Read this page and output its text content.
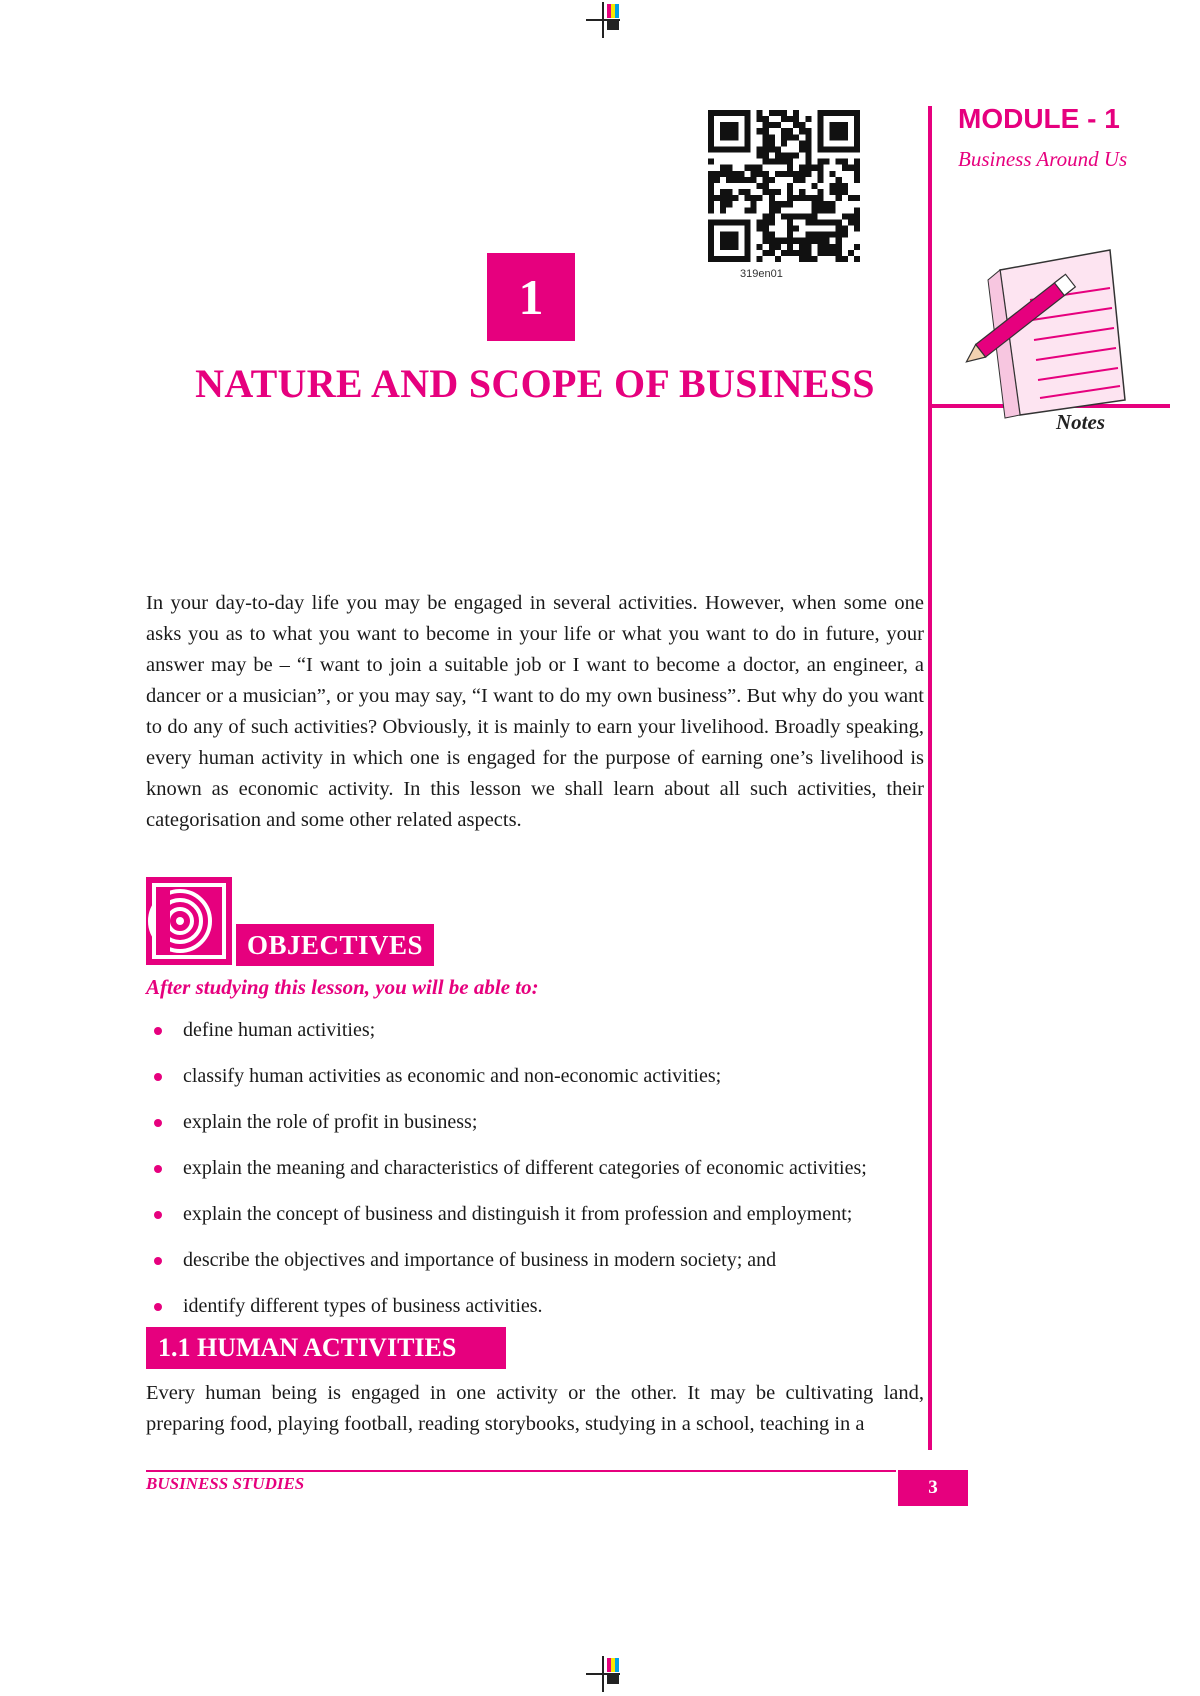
319en01
1
NATURE AND SCOPE OF BUSINESS
MODULE - 1
Business Around Us
Notes

In your day-to-day life you may be engaged in several activities. However, when some one asks you as to what you want to become in your life or what you want to do in future, your answer may be – “I want to join a suitable job or I want to become a doctor, an engineer, a dancer or a musician”, or you may say, “I want to do my own business”. But why do you want to do any of such activities? Obviously, it is mainly to earn your livelihood. Broadly speaking, every human activity in which one is engaged for the purpose of earning one’s livelihood is known as economic activity. In this lesson we shall learn about all such activities, their categorisation and some other related aspects.

OBJECTIVES
After studying this lesson, you will be able to:
define human activities;
classify human activities as economic and non-economic activities;
explain the role of profit in business;
explain the meaning and characteristics of different categories of economic activities;
explain the concept of business and distinguish it from profession and employment;
describe the objectives and importance of business in modern society; and
identify different types of business activities.
1.1 HUMAN ACTIVITIES

Every human being is engaged in one activity or the other. It may be cultivating land, preparing food, playing football, reading storybooks, studying in a school, teaching in a

BUSINESS STUDIES	3
